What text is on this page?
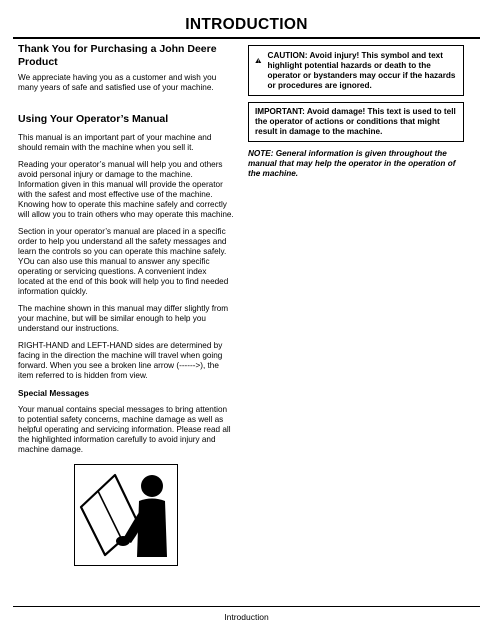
INTRODUCTION
Thank You for Purchasing a John Deere Product

We appreciate having you as a customer and wish you many years of safe and satisfied use of your machine.

Using Your Operator’s Manual

This manual is an important part of your machine and should remain with the machine when you sell it.

Reading your operator’s manual will help you and others avoid personal injury or damage to the machine. Information given in this manual will provide the operator with the safest and most effective use of the machine. Knowing how to operate this machine safely and correctly will allow you to train others who may operate this machine.

Section in your operator’s manual are placed in a specific order to help you understand all the safety messages and learn the controls so you can operate this machine safely. YOu can also use this manual to answer any specific operating or servicing questions. A convenient index located at the end of this book will help you to find needed information quickly.

The machine shown in this manual may differ slightly from your machine, but will be similar enough to help you understand our instructions.

RIGHT-HAND and LEFT-HAND sides are determined by facing in the direction the machine will travel when going forward. When you see a broken line arrow (------>), the item referred to is hidden from view.

Special Messages

Your manual contains special messages to bring attention to potential safety concerns, machine damage as well as helpful operating and servicing information. Please read all the highlighted information carefully to avoid injury and machine damage.

CAUTION: Avoid injury! This symbol and text highlight potential hazards or death to the operator or bystanders may occur if the hazards or procedures are ignored.
IMPORTANT: Avoid damage! This text is used to tell the operator of actions or conditions that might result in damage to the machine.
NOTE: General information is given throughout the manual that may help the operator in the operation of the machine.
Introduction
